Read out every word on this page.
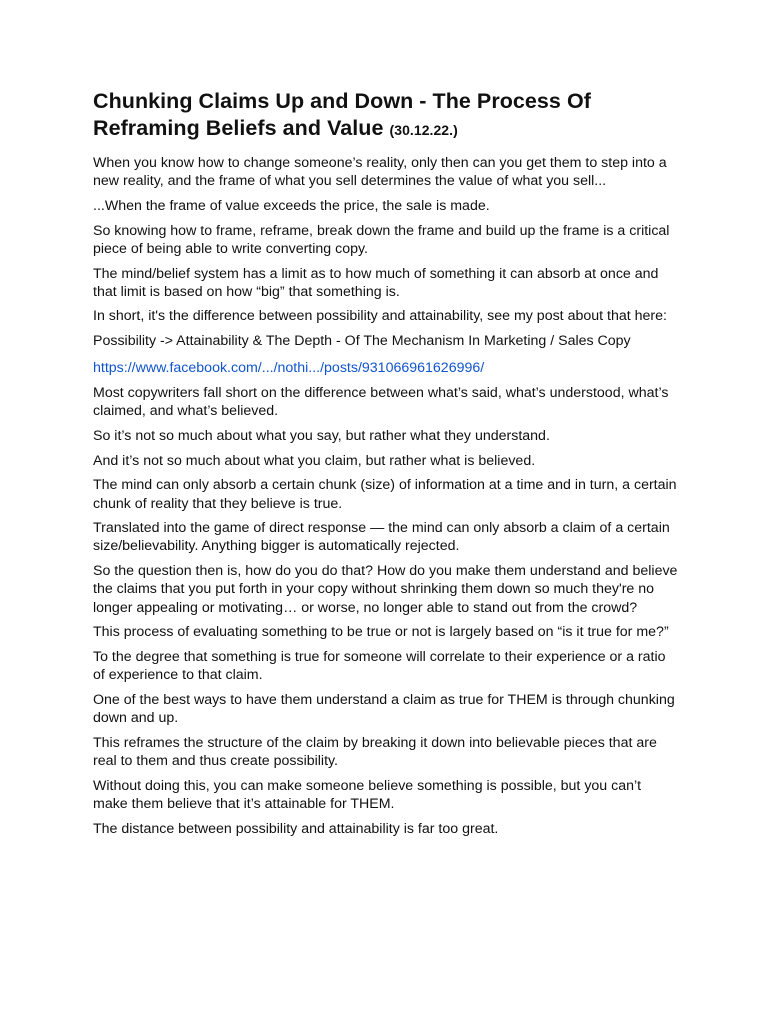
Chunking Claims Up and Down - The Process Of Reframing Beliefs and Value (30.12.22.)

When you know how to change someone’s reality, only then can you get them to step into a new reality, and the frame of what you sell determines the value of what you sell...

...When the frame of value exceeds the price, the sale is made.

So knowing how to frame, reframe, break down the frame and build up the frame is a critical piece of being able to write converting copy.

The mind/belief system has a limit as to how much of something it can absorb at once and that limit is based on how “big” that something is.

In short, it's the difference between possibility and attainability, see my post about that here:

Possibility -> Attainability & The Depth - Of The Mechanism In Marketing / Sales Copy

https://www.facebook.com/.../nothi.../posts/931066961626996/

Most copywriters fall short on the difference between what’s said, what’s understood, what’s claimed, and what’s believed.

So it’s not so much about what you say, but rather what they understand.

And it’s not so much about what you claim, but rather what is believed.

The mind can only absorb a certain chunk (size) of information at a time and in turn, a certain chunk of reality that they believe is true.

Translated into the game of direct response — the mind can only absorb a claim of a certain size/believability. Anything bigger is automatically rejected.

So the question then is, how do you do that? How do you make them understand and believe the claims that you put forth in your copy without shrinking them down so much they're no longer appealing or motivating… or worse, no longer able to stand out from the crowd?

This process of evaluating something to be true or not is largely based on “is it true for me?”

To the degree that something is true for someone will correlate to their experience or a ratio of experience to that claim.

One of the best ways to have them understand a claim as true for THEM is through chunking down and up.

This reframes the structure of the claim by breaking it down into believable pieces that are real to them and thus create possibility.

Without doing this, you can make someone believe something is possible, but you can’t make them believe that it’s attainable for THEM.

The distance between possibility and attainability is far too great.
